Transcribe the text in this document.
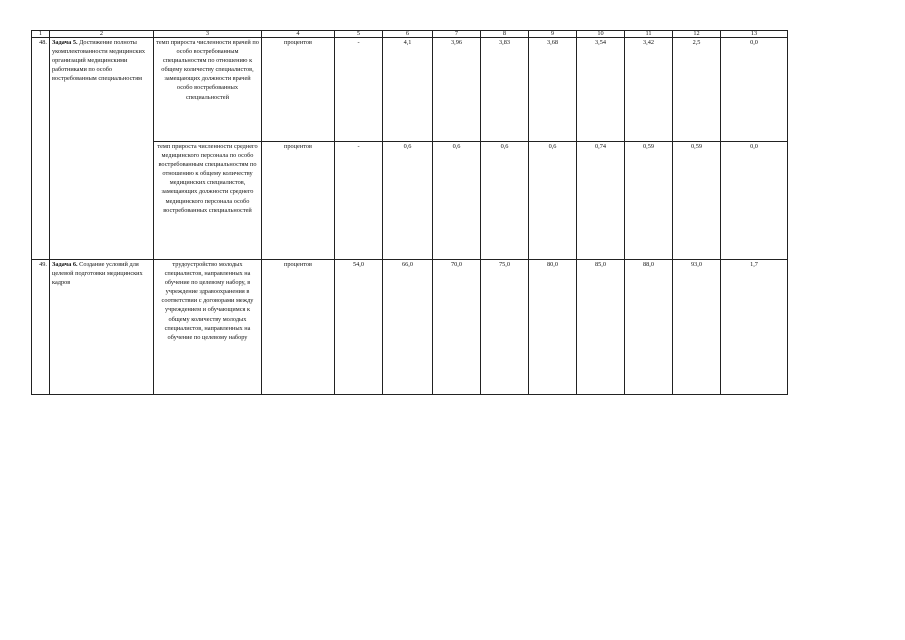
1	2	3	4	5	6	7	8	9	10	11	12	13
48.	Задача 5. Достижение полноты укомплектованности медицинских организаций медицинскими работниками по особо востребованным специальностям	темп прироста численности врачей по особо востребованным специальностям по отношению к общему количеству специалистов, замещающих должности врачей особо востребованных специальностей	процентов	-	4,1	3,96	3,83	3,68	3,54	3,42	2,5	0,0
		темп прироста численности среднего медицинского персонала по особо востребованным специальностям по отношению к общему количеству медицинских специалистов, замещающих должности среднего медицинского персонала особо востребованных специальностей	процентов	-	0,6	0,6	0,6	0,6	0,74	0,59	0,59	0,0
49.	Задача 6. Создание условий для целевой подготовки медицинских кадров	трудоустройство молодых специалистов, направленных на обучение по целевому набору, в учреждение здравоохранения в соответствии с договорами между учреждением и обучающимся к общему количеству молодых специалистов, направленных на обучение по целевому набору	процентов	54,0	66,0	70,0	75,0	80,0	85,0	88,0	93,0	1,7
